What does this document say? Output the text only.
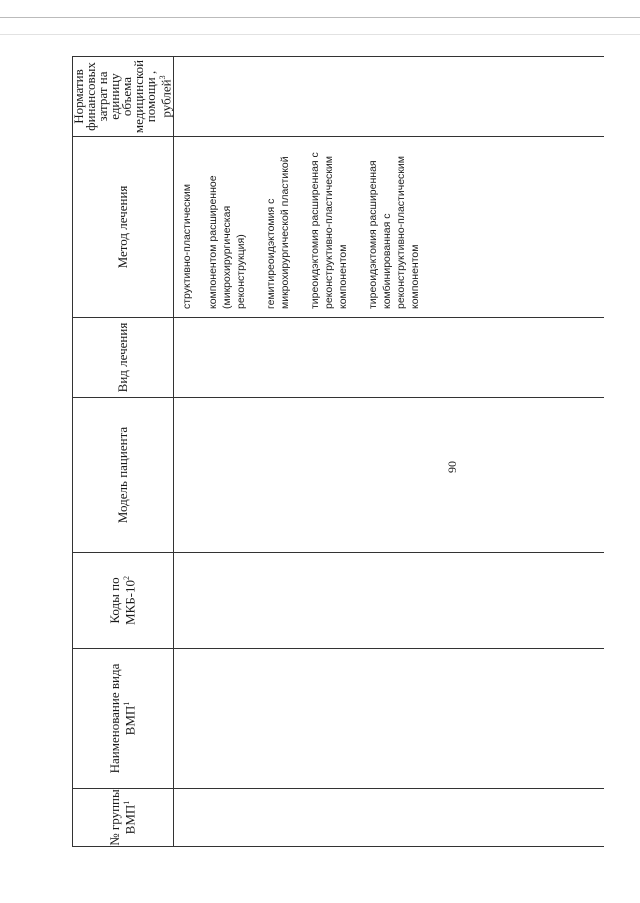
90
№ группы ВМП$^1$	Наименование вида ВМП$^1$	Коды по МКБ-$10^2$	Модель пациента	Вид лечения	Метод лечения	Норматив финансовых затрат на единицу объема медицинской помощи , рублей$^3$

					структивно-пластическим компонентом расширенное (микрохирургическая реконструкция) гемитиреоидэктомия с микрохирургической пластикой тиреоидэктомия расширенная с реконструктивно-пластическим компонентом тиреоидэктомия расширенная комбинированная с реконструктивно-пластическим компонентом	
